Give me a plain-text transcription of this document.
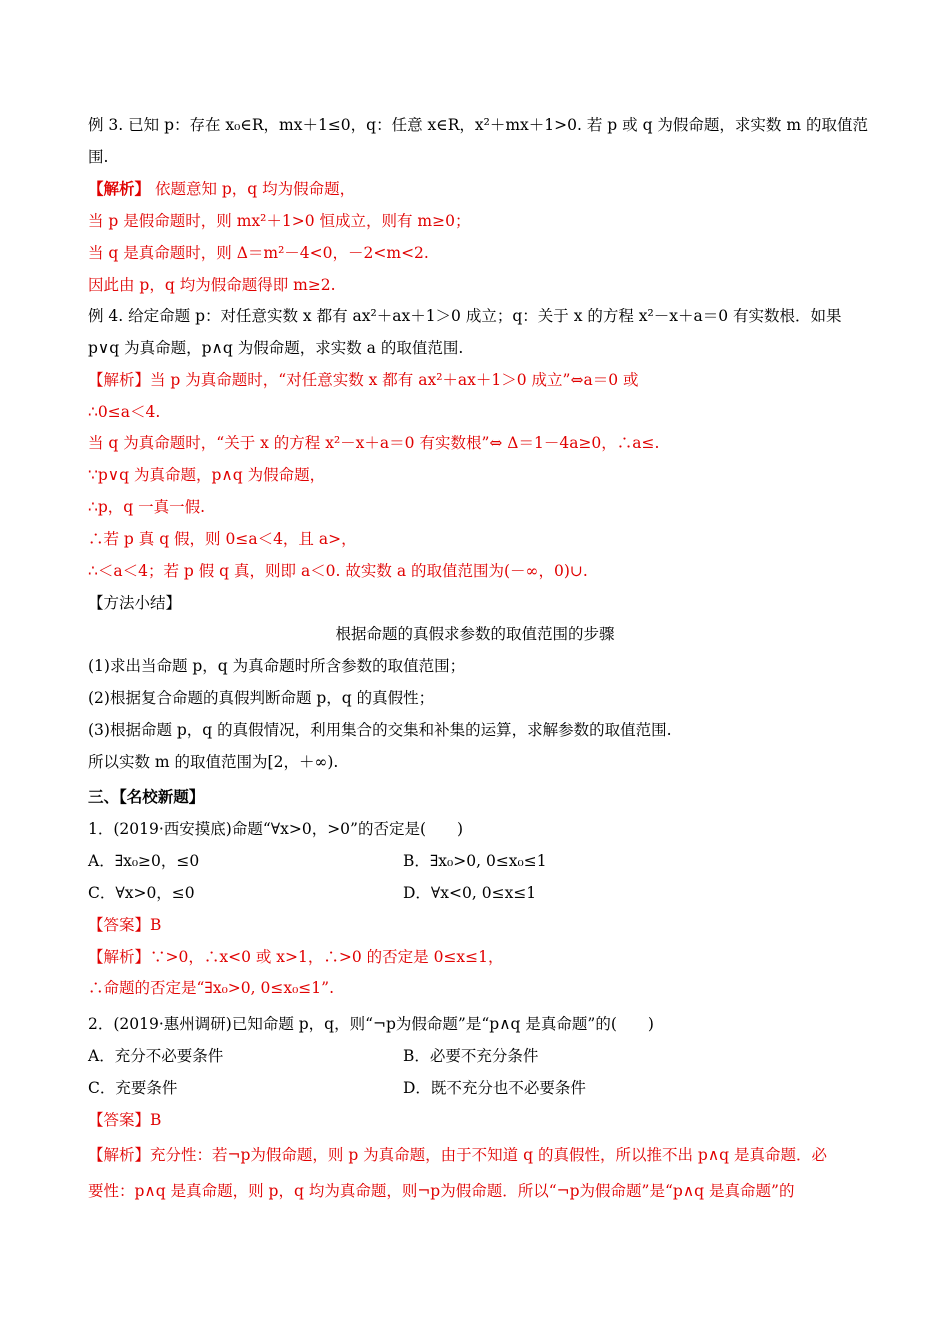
例 3. 已知 p：存在 x₀∈R，mx＋1≤0，q：任意 x∈R，x²＋mx＋1>0. 若 p 或 q 为假命题，求实数 m 的取值范
围.
【解析】 依题意知 p，q 均为假命题，
当 p 是假命题时，则 mx²＋1>0 恒成立，则有 m≥0；
当 q 是真命题时，则 Δ＝m²－4<0，－2<m<2.
因此由 p，q 均为假命题得即 m≥2.
例 4. 给定命题 p：对任意实数 x 都有 ax²＋ax＋1＞0 成立；q：关于 x 的方程 x²－x＋a＝0 有实数根．如果
p∨q 为真命题，p∧q 为假命题，求实数 a 的取值范围.
【解析】当 p 为真命题时，“对任意实数 x 都有 ax²＋ax＋1＞0 成立”⇔a＝0 或
∴0≤a＜4.
当 q 为真命题时，“关于 x 的方程 x²－x＋a＝0 有实数根”⇔ Δ＝1－4a≥0，∴a≤.
∵p∨q 为真命题，p∧q 为假命题，
∴p，q 一真一假.
∴若 p 真 q 假，则 0≤a＜4，且 a>，
∴＜a＜4；若 p 假 q 真，则即 a＜0. 故实数 a 的取值范围为(－∞，0)∪.
【方法小结】
根据命题的真假求参数的取值范围的步骤
(1)求出当命题 p，q 为真命题时所含参数的取值范围；
(2)根据复合命题的真假判断命题 p，q 的真假性；
(3)根据命题 p，q 的真假情况，利用集合的交集和补集的运算，求解参数的取值范围.
所以实数 m 的取值范围为[2，＋∞).
三、【名校新题】
1．(2019·西安摸底)命题“∀x>0，>0”的否定是(　　)
A．∃x₀≥0，≤0	B．∃x₀>0, 0≤x₀≤1
C．∀x>0，≤0	D．∀x<0, 0≤x≤1
【答案】B
【解析】∵>0，∴x<0 或 x>1，∴>0 的否定是 0≤x≤1，
∴命题的否定是“∃x₀>0, 0≤x₀≤1”.
2．(2019·惠州调研)已知命题 p，q，则“¬p为假命题”是“p∧q 是真命题”的(　　)
A．充分不必要条件	B．必要不充分条件
C．充要条件	D．既不充分也不必要条件
【答案】B
【解析】充分性：若¬p为假命题，则 p 为真命题，由于不知道 q 的真假性，所以推不出 p∧q 是真命题．必
要性：p∧q 是真命题，则 p，q 均为真命题，则¬p为假命题．所以“¬p为假命题”是“p∧q 是真命题”的
